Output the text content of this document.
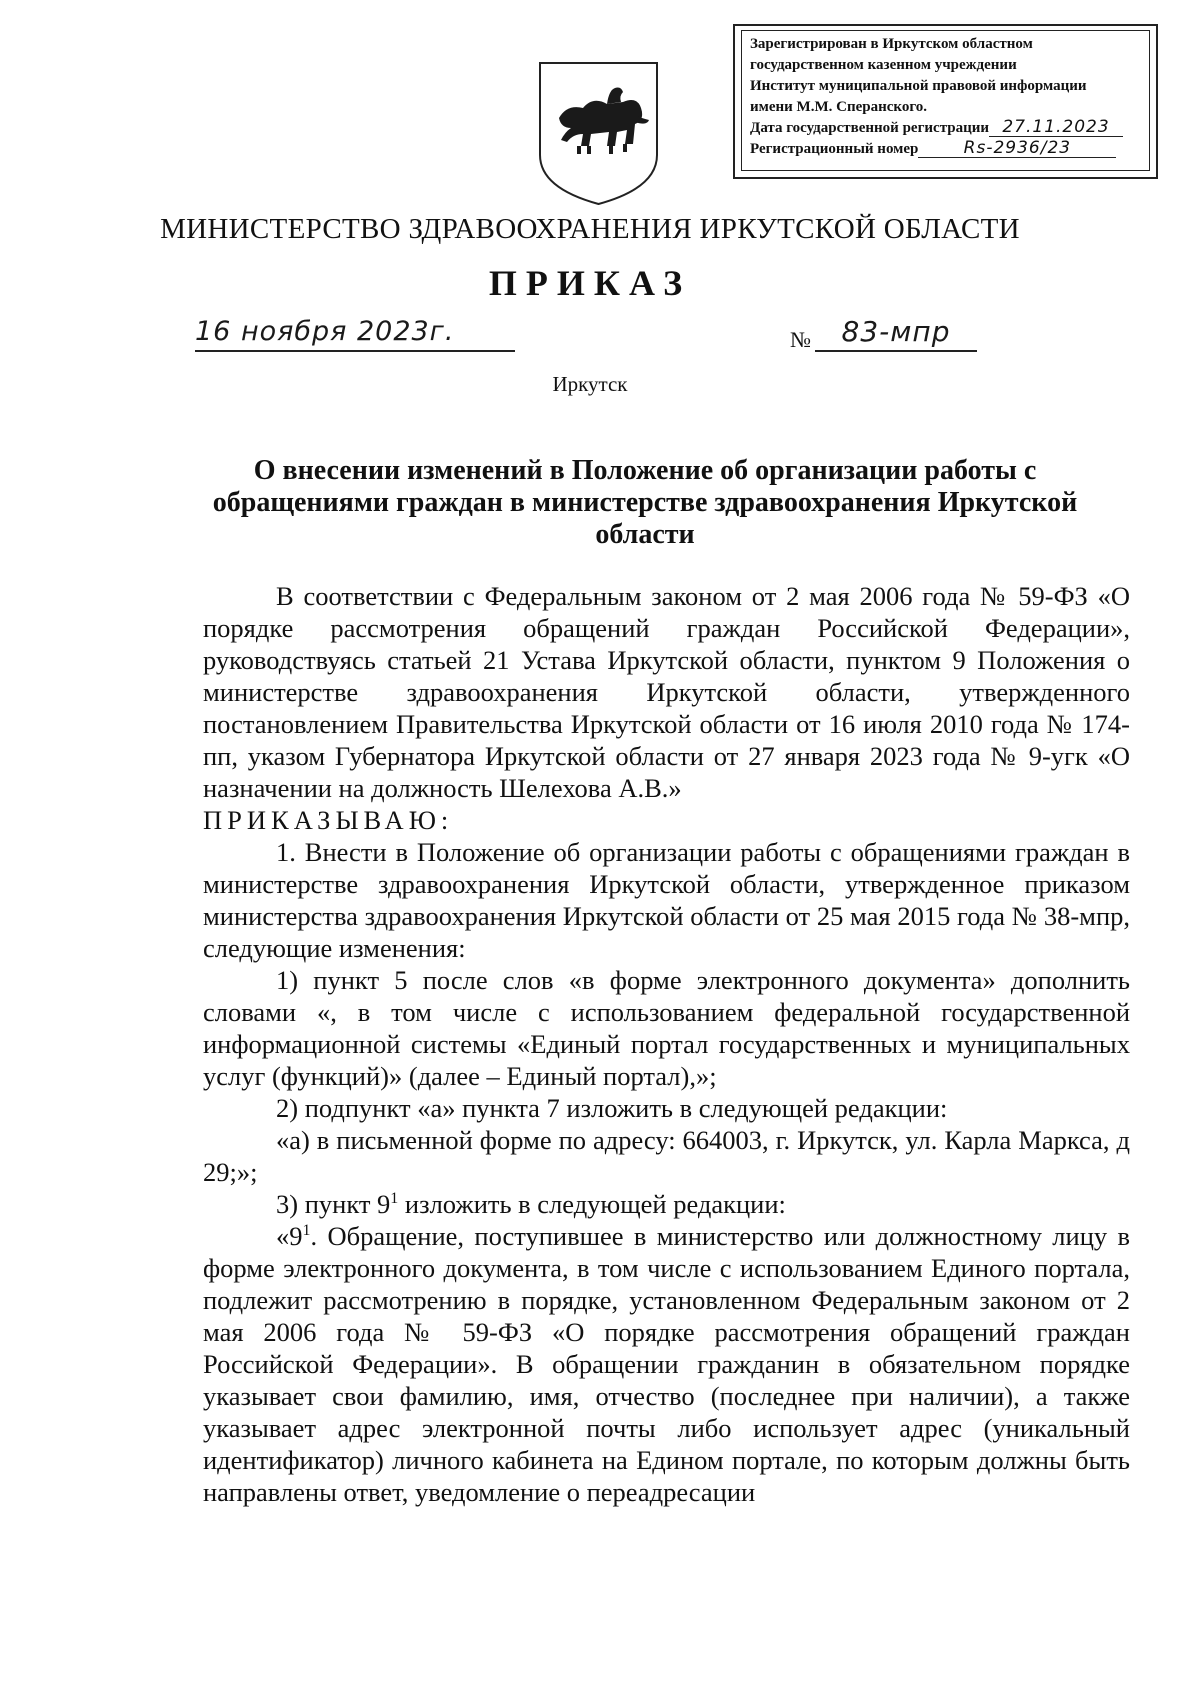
Зарегистрирован в Иркутском областном
государственном казенном учреждении
Институт муниципальной правовой информации
имени М.М. Сперанского.
Дата государственной регистрации 27.11.2023
Регистрационный номер	Rs-2936/23
МИНИСТЕРСТВО ЗДРАВООХРАНЕНИЯ ИРКУТСКОЙ ОБЛАСТИ
ПРИКАЗ
16 ноября 2023г.	№	83-мпр
Иркутск
О внесении изменений в Положение об организации работы с обращениями граждан в министерстве здравоохранения Иркутской области

В соответствии с Федеральным законом от 2 мая 2006 года № 59-ФЗ «О порядке рассмотрения обращений граждан Российской Федерации», руководствуясь статьей 21 Устава Иркутской области, пунктом 9 Положения о министерстве здравоохранения Иркутской области, утвержденного постановлением Правительства Иркутской области от 16 июля 2010 года № 174-пп, указом Губернатора Иркутской области от 27 января 2023 года № 9-угк «О назначении на должность Шелехова А.В.»

ПРИКАЗЫВАЮ:

1. Внести в Положение об организации работы с обращениями граждан в министерстве здравоохранения Иркутской области, утвержденное приказом министерства здравоохранения Иркутской области от 25 мая 2015 года № 38-мпр, следующие изменения:

1) пункт 5 после слов «в форме электронного документа» дополнить словами «, в том числе с использованием федеральной государственной информационной системы «Единый портал государственных и муниципальных услуг (функций)» (далее – Единый портал),»;

2) подпункт «а» пункта 7 изложить в следующей редакции:

«а) в письменной форме по адресу: 664003, г. Иркутск, ул. Карла Маркса, д 29;»;

3) пункт $9^1$ изложить в следующей редакции:

«$9^1$. Обращение, поступившее в министерство или должностному лицу в форме электронного документа, в том числе с использованием Единого портала, подлежит рассмотрению в порядке, установленном Федеральным законом от 2 мая 2006 года № 59-ФЗ «О порядке рассмотрения обращений граждан Российской Федерации». В обращении гражданин в обязательном порядке указывает свои фамилию, имя, отчество (последнее при наличии), а также указывает адрес электронной почты либо использует адрес (уникальный идентификатор) личного кабинета на Едином портале, по которым должны быть направлены ответ, уведомление о переадресации
